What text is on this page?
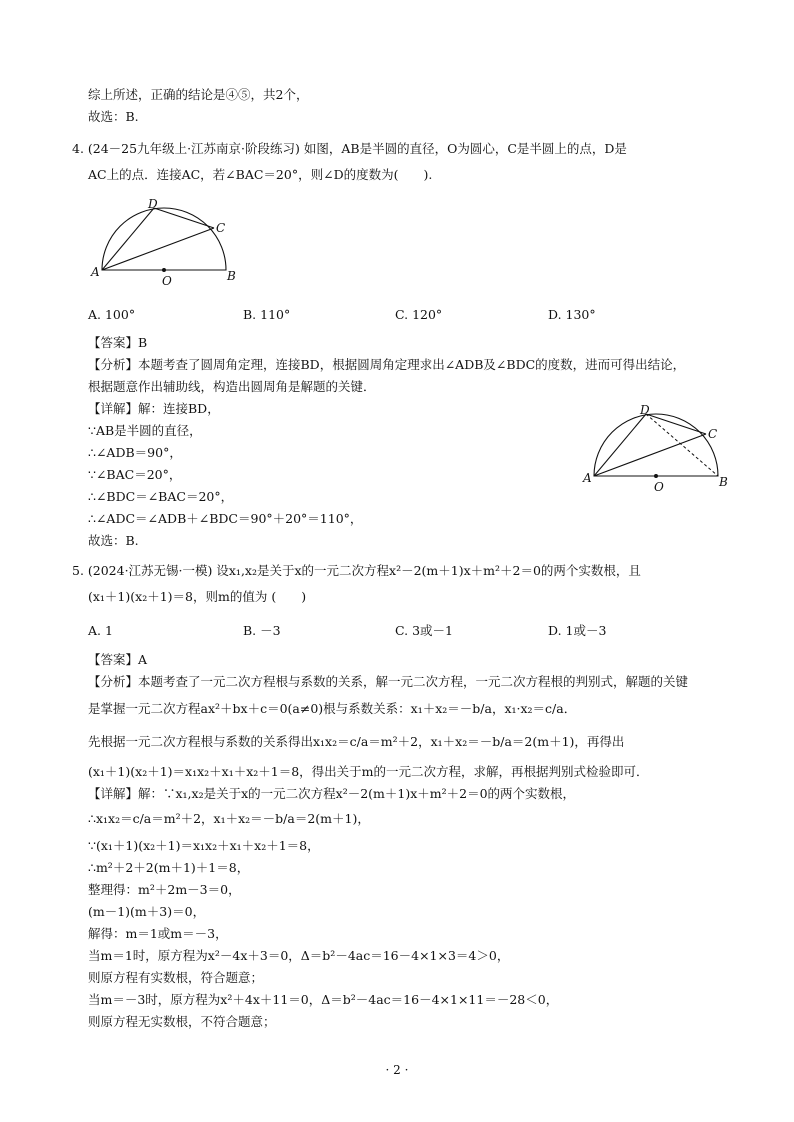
综上所述，正确的结论是④⑤，共2个，
故选：B.
4. (24－25九年级上·江苏南京·阶段练习) 如图，AB是半圆的直径，O为圆心，C是半圆上的点，D是
AC上的点．连接AC，若∠BAC＝20°，则∠D的度数为(　　).
A	B
C
D
O
A. 100°	B. 110°	C. 120°	D. 130°
【答案】B
【分析】本题考查了圆周角定理，连接BD，根据圆周角定理求出∠ADB及∠BDC的度数，进而可得出结论，
根据题意作出辅助线，构造出圆周角是解题的关键．
【详解】解：连接BD，
∵AB是半圆的直径，
∴∠ADB＝90°，
∵∠BAC＝20°，
∴∠BDC＝∠BAC＝20°，
∴∠ADC＝∠ADB＋∠BDC＝90°＋20°＝110°，
故选：B.
A	B
C
D
O
5. (2024·江苏无锡·一模) 设x₁,x₂是关于x的一元二次方程x²－2(m＋1)x＋m²＋2＝0的两个实数根，且
(x₁＋1)(x₂＋1)＝8，则m的值为 (　　)
A. 1	B. －3	C. 3或－1	D. 1或－3
【答案】A
【分析】本题考查了一元二次方程根与系数的关系，解一元二次方程，一元二次方程根的判别式，解题的关键
是掌握一元二次方程ax²＋bx＋c＝0(a≠0)根与系数关系：x₁＋x₂＝－b/a，x₁·x₂＝c/a．
先根据一元二次方程根与系数的关系得出x₁x₂＝c/a＝m²＋2，x₁＋x₂＝－b/a＝2(m＋1)，再得出
(x₁＋1)(x₂＋1)＝x₁x₂＋x₁＋x₂＋1＝8，得出关于m的一元二次方程，求解，再根据判别式检验即可．
【详解】解：∵x₁,x₂是关于x的一元二次方程x²－2(m＋1)x＋m²＋2＝0的两个实数根，
∴x₁x₂＝c/a＝m²＋2，x₁＋x₂＝－b/a＝2(m＋1)，
∵(x₁＋1)(x₂＋1)＝x₁x₂＋x₁＋x₂＋1＝8，
∴m²＋2＋2(m＋1)＋1＝8，
整理得：m²＋2m－3＝0，
(m－1)(m＋3)＝0，
解得：m＝1或m＝－3，
当m＝1时，原方程为x²－4x＋3＝0，Δ＝b²－4ac＝16－4×1×3＝4＞0，
则原方程有实数根，符合题意；
当m＝－3时，原方程为x²＋4x＋11＝0，Δ＝b²－4ac＝16－4×1×11＝－28＜0，
则原方程无实数根，不符合题意；
· 2 ·
